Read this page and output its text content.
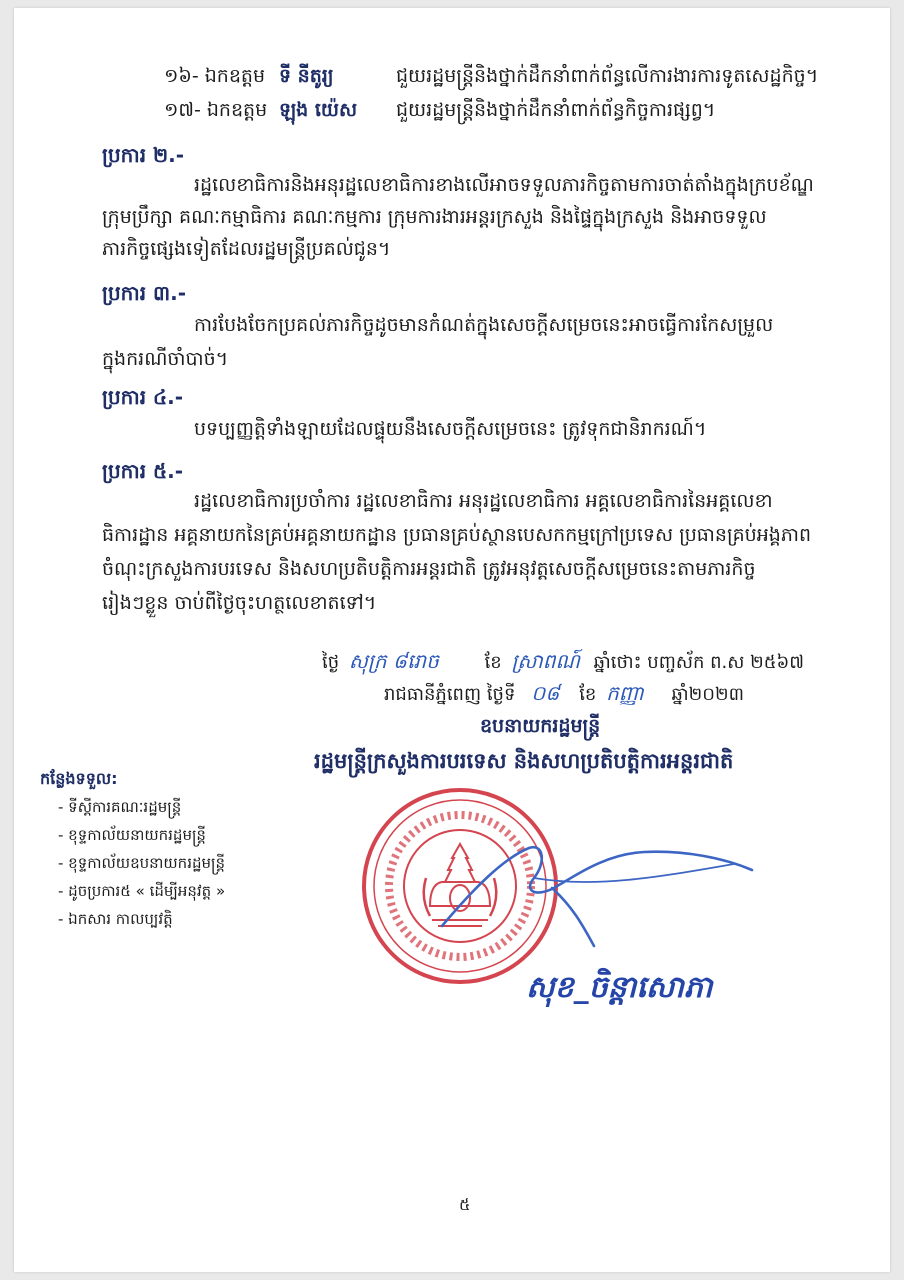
១៦- ឯកឧត្តម ទី នីតូរ្យ	ជួយរដ្ឋមន្ត្រីនិងថ្នាក់ដឹកនាំពាក់ព័ន្ធលើការងារការទូតសេដ្ឋកិច្ច។
១៧- ឯកឧត្តម ឡុង យ៉េស ជួយរដ្ឋមន្ត្រីនិងថ្នាក់ដឹកនាំពាក់ព័ន្ធកិច្ចការផ្សព្វ។
ប្រការ ២.-
រដ្ឋលេខាធិការនិងអនុរដ្ឋលេខាធិការខាងលើអាចទទួលភារកិច្ចតាមការចាត់តាំងក្នុងក្របខ័ណ្ឌ
ក្រុមប្រឹក្សា គណៈកម្មាធិការ គណៈកម្មការ ក្រុមការងារអន្តរក្រសួង និងផ្ទៃក្នុងក្រសួង និងអាចទទួល
ភារកិច្ចផ្សេងទៀតដែលរដ្ឋមន្ត្រីប្រគល់ជូន។
ប្រការ ៣.-
ការបែងចែកប្រគល់ភារកិច្ចដូចមានកំណត់ក្នុងសេចក្តីសម្រេចនេះអាចធ្វើការកែសម្រួល
ក្នុងករណីចាំបាច់។
ប្រការ ៤.-
បទប្បញ្ញត្តិទាំងឡាយដែលផ្ទុយនឹងសេចក្តីសម្រេចនេះ ត្រូវទុកជានិរាករណ៍។
ប្រការ ៥.-
រដ្ឋលេខាធិការប្រចាំការ រដ្ឋលេខាធិការ អនុរដ្ឋលេខាធិការ អគ្គលេខាធិការនៃអគ្គលេខា
ធិការដ្ឋាន អគ្គនាយកនៃគ្រប់អគ្គនាយកដ្ឋាន ប្រធានគ្រប់ស្ថានបេសកកម្មក្រៅប្រទេស ប្រធានគ្រប់អង្គភាព
ចំណុះក្រសួងការបរទេស និងសហប្រតិបត្តិការអន្តរជាតិ ត្រូវអនុវត្តសេចក្តីសម្រេចនេះតាមភារកិច្ច
រៀងៗខ្លួន ចាប់ពីថ្ងៃចុះហត្ថលេខាតទៅ។
ថ្ងៃ សុក្រ ៨រោច	ខែ ស្រាពណ៍ ឆ្នាំថោះ បញ្ចស័ក ព.ស ២៥៦៧
រាជធានីភ្នំពេញ ថ្ងៃទី ០៨ ខែ កញ្ញា ឆ្នាំ២០២៣
ឧបនាយករដ្ឋមន្ត្រី
រដ្ឋមន្ត្រីក្រសួងការបរទេស និងសហប្រតិបត្តិការអន្តរជាតិ
កន្លែងទទួល:
- ទីស្តីការគណៈរដ្ឋមន្ត្រី
- ខុទ្ទកាល័យនាយករដ្ឋមន្ត្រី
- ខុទ្ទកាល័យឧបនាយករដ្ឋមន្ត្រី
- ដូចប្រការ៥ « ដើម្បីអនុវត្ត »
- ឯកសារ កាលប្បវត្តិ
សុខ_ចិន្តាសោភា
៥
